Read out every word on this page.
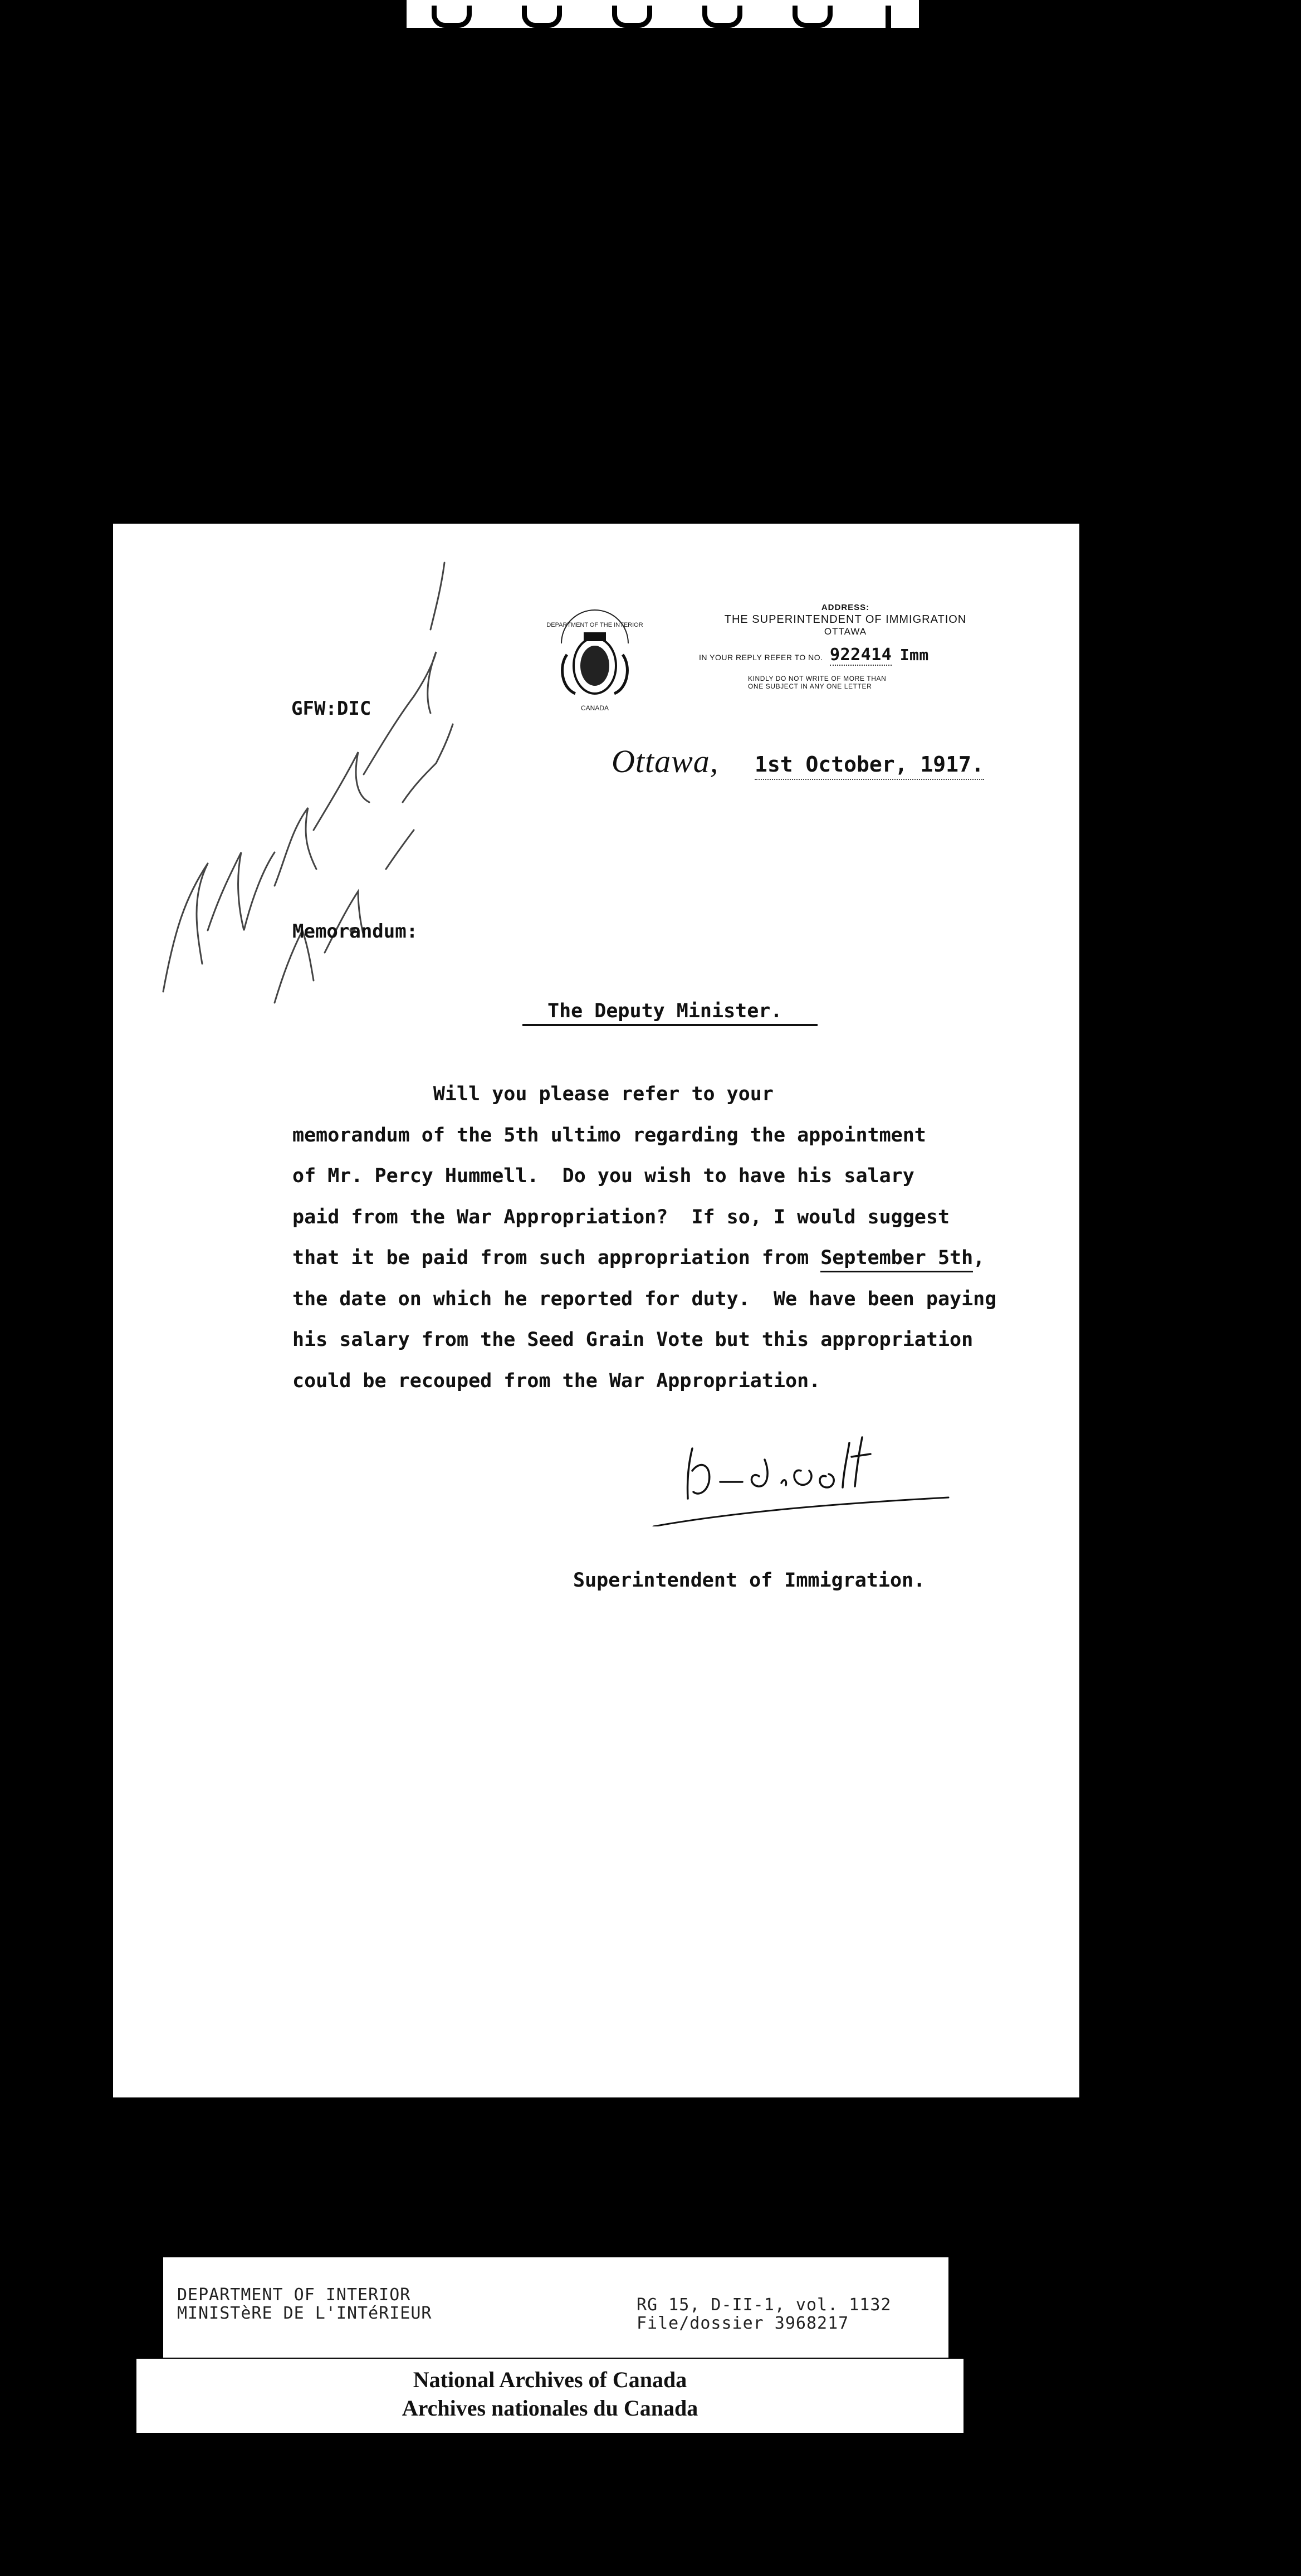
DEPARTMENT OF THE INTERIOR
CANADA
ADDRESS:
THE SUPERINTENDENT OF IMMIGRATION
OTTAWA
IN YOUR REPLY REFER TO NO. 922414 Imm
KINDLY DO NOT WRITE OF MORE THAN
ONE SUBJECT IN ANY ONE LETTER
GFW:DIC
Ottawa, 1st October, 1917.
Memorandum:
The Deputy Minister.

Will you please refer to your

memorandum of the 5th ultimo regarding the appointment

of Mr. Percy Hummell.  Do you wish to have his salary

paid from the War Appropriation?  If so, I would suggest

that it be paid from such appropriation from September 5th,

the date on which he reported for duty.  We have been paying

his salary from the Seed Grain Vote but this appropriation

could be recouped from the War Appropriation.

Superintendent of Immigration.
DEPARTMENT OF INTERIOR
MINISTèRE DE L'INTéRIEUR	RG 15, D-II-1, vol. 1132
File/dossier 3968217
National Archives of Canada
Archives nationales du Canada
